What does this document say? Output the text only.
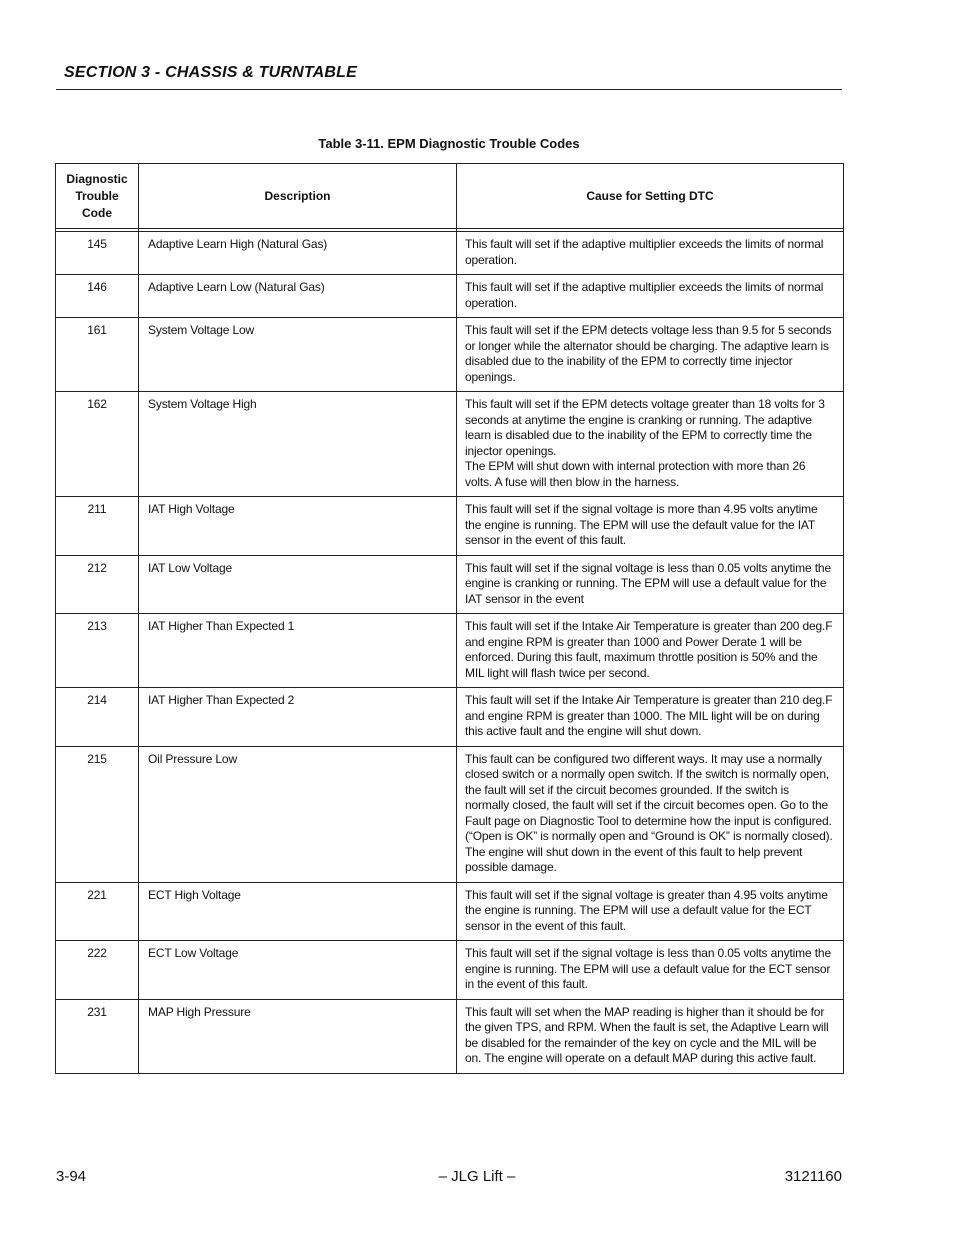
SECTION 3 - CHASSIS & TURNTABLE
Table 3-11. EPM Diagnostic Trouble Codes
Diagnostic
Trouble
Code	Description	Cause for Setting DTC

145	Adaptive Learn High (Natural Gas)	This fault will set if the adaptive multiplier exceeds the limits of normal operation.

146	Adaptive Learn Low (Natural Gas)	This fault will set if the adaptive multiplier exceeds the limits of normal operation.

161	System Voltage Low	This fault will set if the EPM detects voltage less than 9.5 for 5 seconds or longer while the alternator should be charging. The adaptive learn is disabled due to the inability of the EPM to correctly time injector openings.

162	System Voltage High	This fault will set if the EPM detects voltage greater than 18 volts for 3 seconds at anytime the engine is cranking or running. The adaptive learn is disabled due to the inability of the EPM to correctly time the injector openings.
The EPM will shut down with internal protection with more than 26 volts. A fuse will then blow in the harness.

211	IAT High Voltage	This fault will set if the signal voltage is more than 4.95 volts anytime the engine is running. The EPM will use the default value for the IAT sensor in the event of this fault.

212	IAT Low Voltage	This fault will set if the signal voltage is less than 0.05 volts anytime the engine is cranking or running. The EPM will use a default value for the IAT sensor in the event

213	IAT Higher Than Expected 1	This fault will set if the Intake Air Temperature is greater than 200 deg.F and engine RPM is greater than 1000 and Power Derate 1 will be enforced. During this fault, maximum throttle position is 50% and the MIL light will flash twice per second.

214	IAT Higher Than Expected 2	This fault will set if the Intake Air Temperature is greater than 210 deg.F and engine RPM is greater than 1000. The MIL light will be on during this active fault and the engine will shut down.

215	Oil Pressure Low	This fault can be configured two different ways. It may use a normally closed switch or a normally open switch. If the switch is normally open, the fault will set if the circuit becomes grounded. If the switch is normally closed, the fault will set if the circuit becomes open. Go to the Fault page on Diagnostic Tool to determine how the input is configured. (“Open is OK” is normally open and “Ground is OK” is normally closed). The engine will shut down in the event of this fault to help prevent possible damage.

221	ECT High Voltage	This fault will set if the signal voltage is greater than 4.95 volts anytime the engine is running. The EPM will use a default value for the ECT sensor in the event of this fault.

222	ECT Low Voltage	This fault will set if the signal voltage is less than 0.05 volts anytime the engine is running. The EPM will use a default value for the ECT sensor in the event of this fault.

231	MAP High Pressure	This fault will set when the MAP reading is higher than it should be for the given TPS, and RPM. When the fault is set, the Adaptive Learn will be disabled for the remainder of the key on cycle and the MIL will be on. The engine will operate on a default MAP during this active fault.
3-94	– JLG Lift –	3121160
